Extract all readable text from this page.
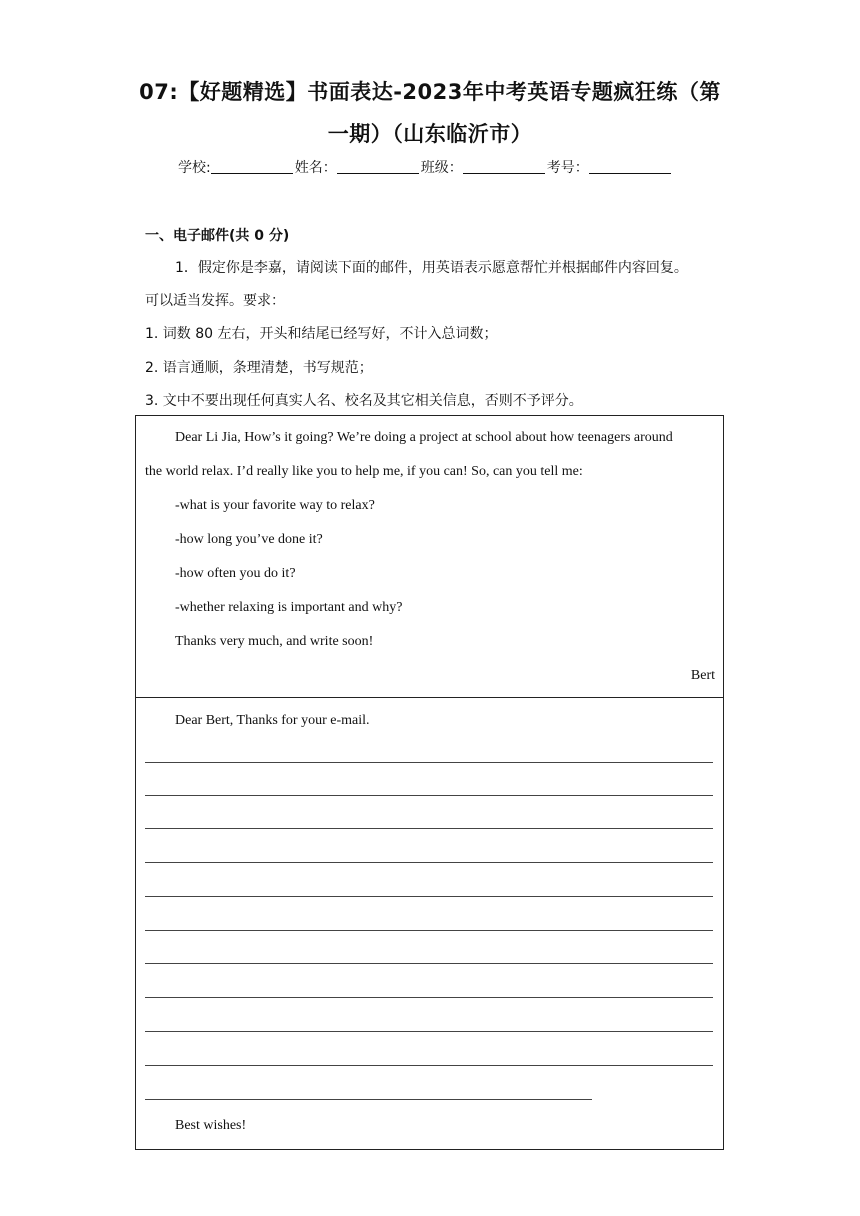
07:【好题精选】书面表达-2023年中考英语专题疯狂练（第
一期）（山东临沂市）
学校:	姓名：	班级：	考号：
一、电子邮件(共 0 分)
1．假定你是李嘉，请阅读下面的邮件，用英语表示愿意帮忙并根据邮件内容回复。
可以适当发挥。要求：
1. 词数 80 左右，开头和结尾已经写好，不计入总词数；
2. 语言通顺，条理清楚，书写规范；
3. 文中不要出现任何真实人名、校名及其它相关信息，否则不予评分。
Dear Li Jia, How’s it going? We’re doing a project at school about how teenagers around
the world relax. I’d really like you to help me, if you can! So, can you tell me:
-what is your favorite way to relax?
-how long you’ve done it?
-how often you do it?
-whether relaxing is important and why?
Thanks very much, and write soon!
Bert
Dear Bert, Thanks for your e-mail.
Best wishes!
